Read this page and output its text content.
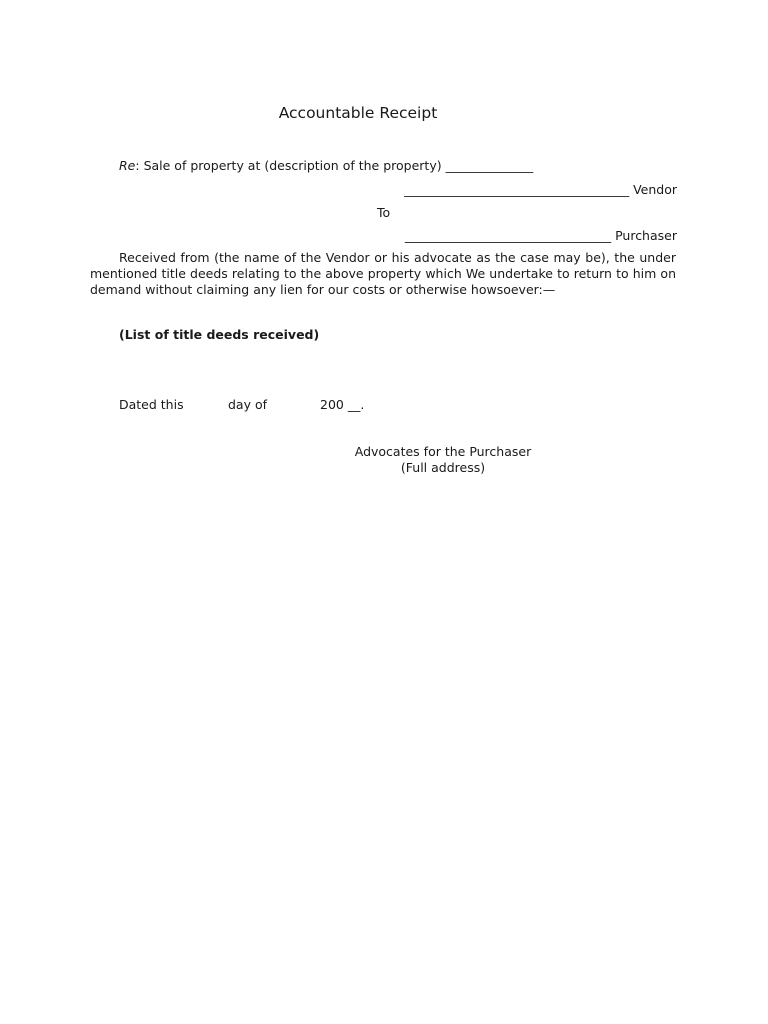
Accountable Receipt
Re: Sale of property at (description of the property) ______________
____________________________________ Vendor
To
_________________________________ Purchaser
Received from (the name of the Vendor or his advocate as the case may be), the under mentioned title deeds relating to the above property which We undertake to return to him on demand without claiming any lien for our costs or otherwise howsoever:—
(List of title deeds received)
Dated this	day of	200 __.
Advocates for the Purchaser
(Full address)
